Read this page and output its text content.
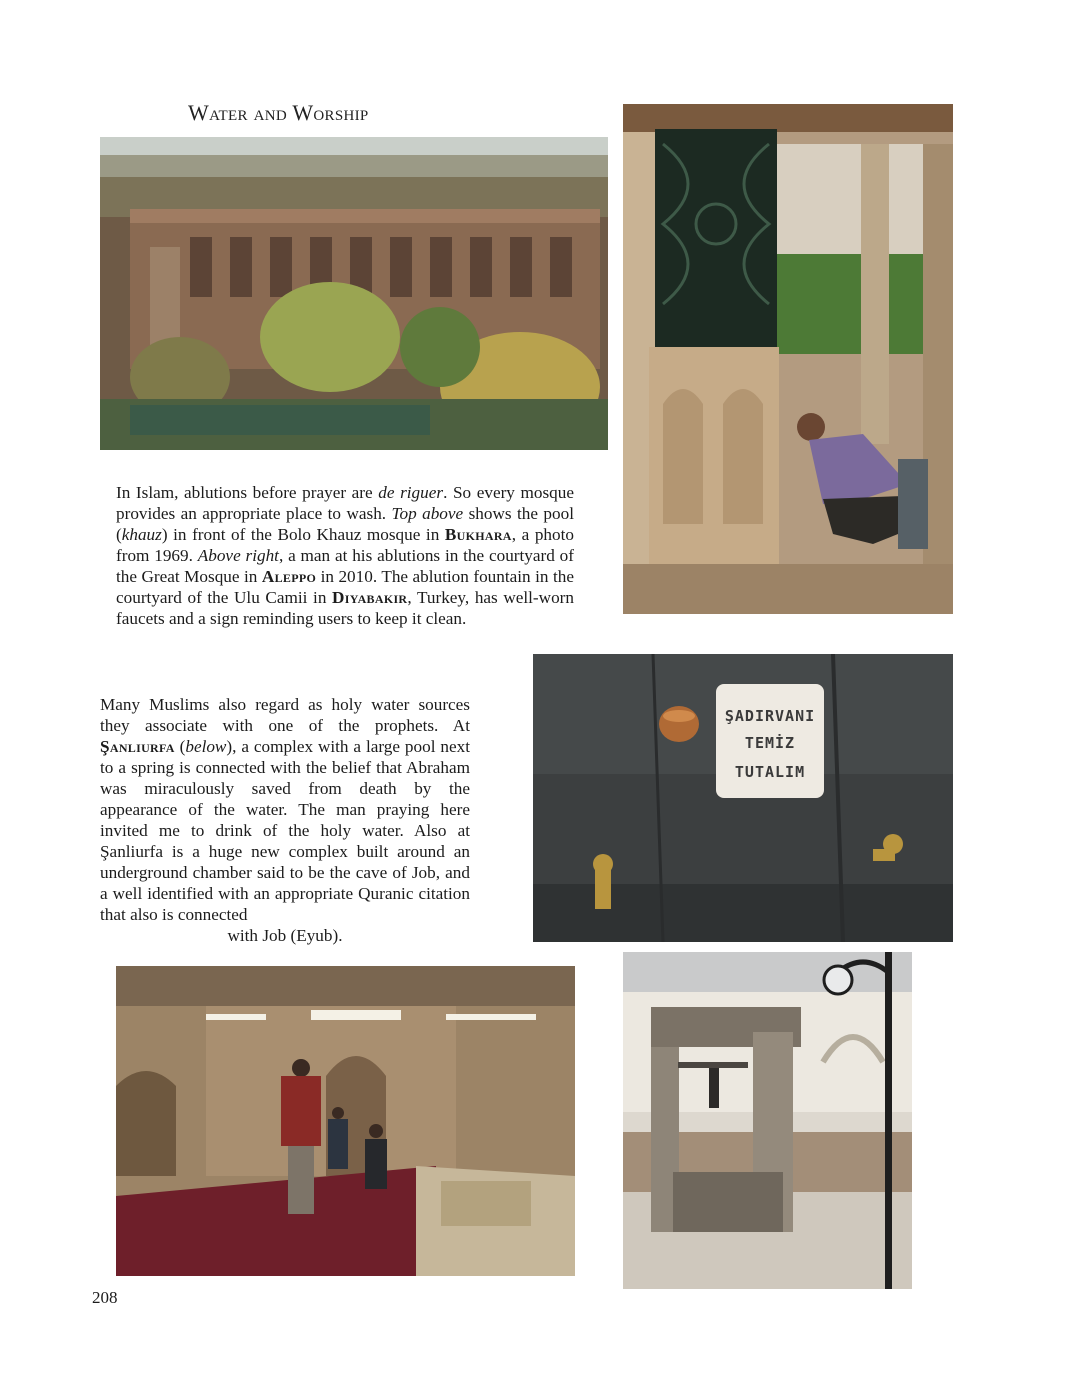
Water and Worship
In Islam, ablutions before prayer are de riguer. So every mosque provides an appropriate place to wash. Top above shows the pool (khauz) in front of the Bolo Khauz mosque in Bukhara, a photo from 1969. Above right, a man at his ablutions in the courtyard of the Great Mosque in Aleppo in 2010. The ablution fountain in the courtyard of the Ulu Camii in Diyabakir, Turkey, has well-worn faucets and a sign reminding users to keep it clean.
ŞADIRVANI
TEMİZ
TUTALIM
Many Muslims also regard as holy water sources they associate with one of the prophets. At Şanliurfa (below), a complex with a large pool next to a spring is connected with the belief that Abraham was miraculously saved from death by the appearance of the water. The man praying here invited me to drink of the holy water. Also at Şanliurfa is a huge new complex built around an underground chamber said to be the cave of Job, and a well identified with an appropriate Quranic citation that also is connected
with Job (Eyub).
208
